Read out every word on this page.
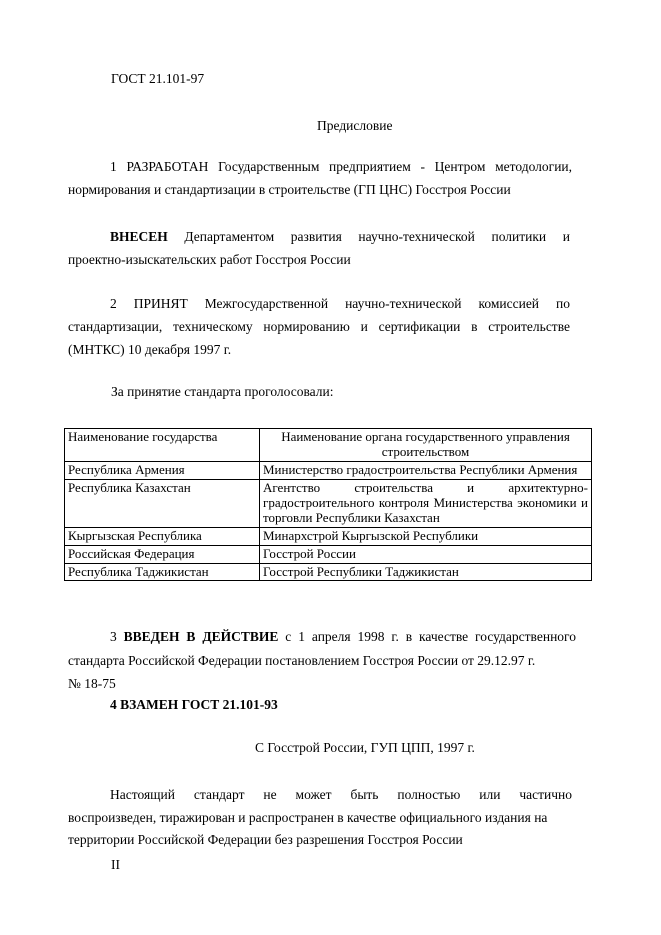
ГОСТ 21.101-97
Предисловие
1 РАЗРАБОТАН Государственным предприятием - Центром методологии,
нормирования и стандартизации в строительстве (ГП ЦНС) Госстроя России
ВНЕСЕН Департаментом развития научно-технической политики и
проектно-изыскательских работ Госстроя России
2 ПРИНЯТ Межгосударственной научно-технической комиссией по
стандартизации, техническому нормированию и сертификации в строительстве
(МНТКС) 10 декабря 1997 г.
За принятие стандарта проголосовали:
Наименование государства	Наименование органа государственного управления строительством
Республика Армения	Министерство градостроительства Республики Армения
Республика Казахстан	Агентство строительства и архитектурно-градостроительного контроля Министерства экономики и торговли Республики Казахстан
Кыргызская Республика	Минархстрой Кыргызской Республики
Российская Федерация	Госстрой России
Республика Таджикистан	Госстрой Республики Таджикистан
3 ВВЕДЕН В ДЕЙСТВИЕ с 1 апреля 1998 г. в качестве государственного
стандарта Российской Федерации постановлением Госстроя России от 29.12.97 г.
№ 18-75
4 ВЗАМЕН ГОСТ 21.101-93
С Госстрой России, ГУП ЦПП, 1997 г.
Настоящий стандарт не может быть полностью или частично
воспроизведен, тиражирован и распространен в качестве официального издания на
территории Российской Федерации без разрешения Госстроя России
II
